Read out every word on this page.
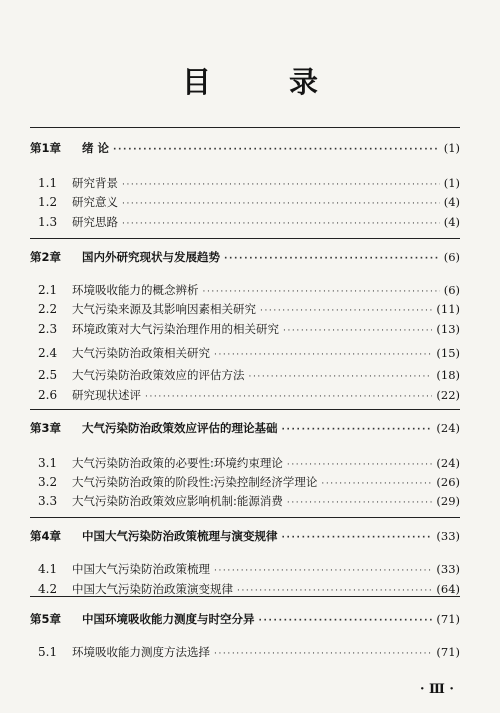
目 录
第1章	绪 论 ·····	(1)
1.1	研究背景 ·····	(1)
1.2	研究意义 ·····	(4)
1.3	研究思路 ·····	(4)
第2章	国内外研究现状与发展趋势 ·····	(6)
2.1	环境吸收能力的概念辨析 ·····	(6)
2.2	大气污染来源及其影响因素相关研究 ·····	(11)
2.3	环境政策对大气污染治理作用的相关研究 ·····	(13)
2.4	大气污染防治政策相关研究 ·····	(15)
2.5	大气污染防治政策效应的评估方法 ·····	(18)
2.6	研究现状述评 ·····	(22)
第3章	大气污染防治政策效应评估的理论基础 ·····	(24)
3.1	大气污染防治政策的必要性:环境约束理论 ·····	(24)
3.2	大气污染防治政策的阶段性:污染控制经济学理论 ·····	(26)
3.3	大气污染防治政策效应影响机制:能源消费 ·····	(29)
第4章	中国大气污染防治政策梳理与演变规律 ·····	(33)
4.1	中国大气污染防治政策梳理 ·····	(33)
4.2	中国大气污染防治政策演变规律 ·····	(64)
第5章	中国环境吸收能力测度与时空分异 ·····	(71)
5.1	环境吸收能力测度方法选择 ·····	(71)
· Ⅲ ·
